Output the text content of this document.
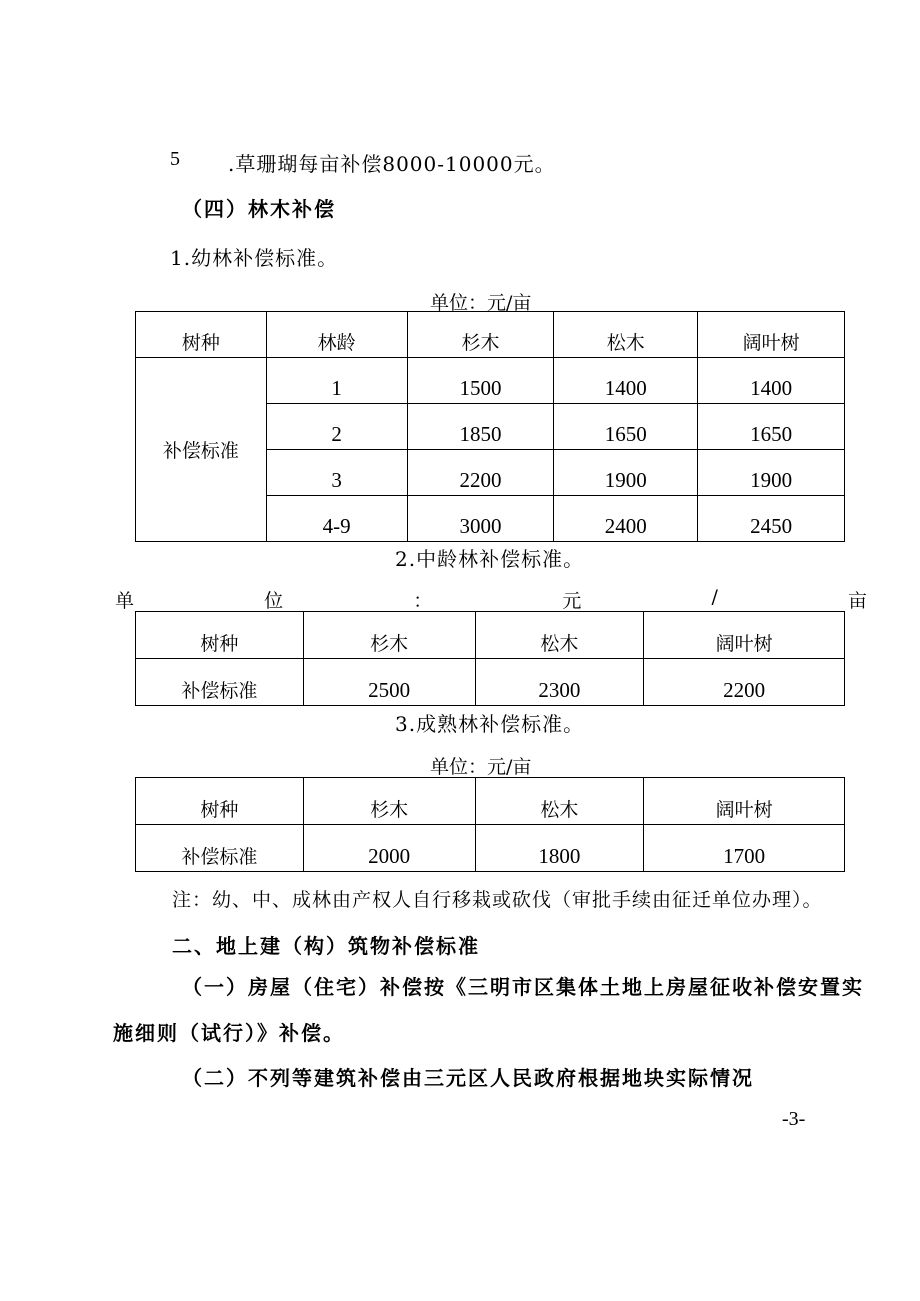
5 .草珊瑚每亩补偿8000-10000元。
（四）林木补偿
1.幼林补偿标准。
单位：元/亩
树种	林龄	杉木	松木	阔叶树
补偿标准	1	1500	1400	1400
	2	1850	1650	1650
	3	2200	1900	1900
	4-9	3000	2400	2450
2.中龄林补偿标准。
单	位	：	元	/	亩
树种	杉木	松木	阔叶树
补偿标准	2500	2300	2200
3.成熟林补偿标准。
单位：元/亩
树种	杉木	松木	阔叶树
补偿标准	2000	1800	1700
注：幼、中、成林由产权人自行移栽或砍伐（审批手续由征迁单位办理）。
二、地上建（构）筑物补偿标准
（一）房屋（住宅）补偿按《三明市区集体土地上房屋征收补偿安置实
施细则（试行）》补偿。
（二）不列等建筑补偿由三元区人民政府根据地块实际情况
-3-
